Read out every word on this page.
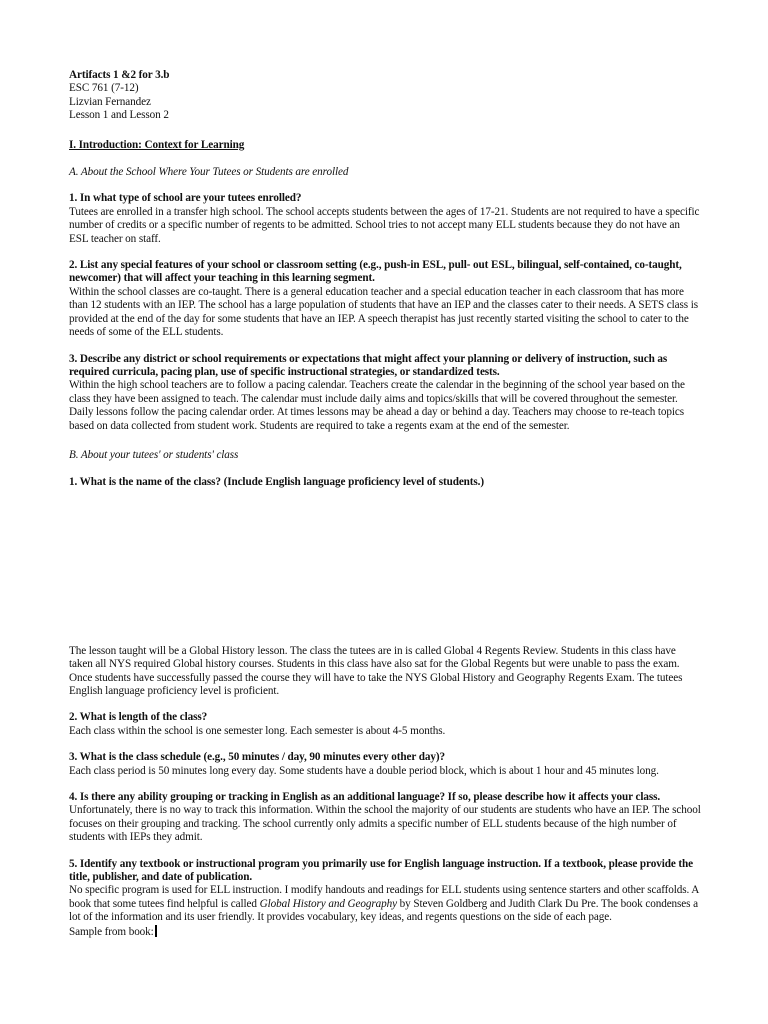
Artifacts 1 &2 for 3.b
ESC 761 (7-12)
Lizvian Fernandez
Lesson 1 and Lesson 2
I. Introduction: Context for Learning
A. About the School Where Your Tutees or Students are enrolled
1. In what type of school are your tutees enrolled?
Tutees are enrolled in a transfer high school. The school accepts students between the ages of 17-21. Students are not required to have a specific number of credits or a specific number of regents to be admitted. School tries to not accept many ELL students because they do not have an ESL teacher on staff.
2. List any special features of your school or classroom setting (e.g., push-in ESL, pull- out ESL, bilingual, self-contained, co-taught, newcomer) that will affect your teaching in this learning segment.
Within the school classes are co-taught. There is a general education teacher and a special education teacher in each classroom that has more than 12 students with an IEP. The school has a large population of students that have an IEP and the classes cater to their needs. A SETS class is provided at the end of the day for some students that have an IEP. A speech therapist has just recently started visiting the school to cater to the needs of some of the ELL students.
3. Describe any district or school requirements or expectations that might affect your planning or delivery of instruction, such as required curricula, pacing plan, use of specific instructional strategies, or standardized tests.
Within the high school teachers are to follow a pacing calendar. Teachers create the calendar in the beginning of the school year based on the class they have been assigned to teach. The calendar must include daily aims and topics/skills that will be covered throughout the semester. Daily lessons follow the pacing calendar order. At times lessons may be ahead a day or behind a day. Teachers may choose to re-teach topics based on data collected from student work. Students are required to take a regents exam at the end of the semester.
B. About your tutees' or students' class
1. What is the name of the class? (Include English language proficiency level of students.)
The lesson taught will be a Global History lesson. The class the tutees are in is called Global 4 Regents Review. Students in this class have taken all NYS required Global history courses. Students in this class have also sat for the Global Regents but were unable to pass the exam. Once students have successfully passed the course they will have to take the NYS Global History and Geography Regents Exam. The tutees English language proficiency level is proficient.
2. What is length of the class?
Each class within the school is one semester long. Each semester is about 4-5 months.
3. What is the class schedule (e.g., 50 minutes / day, 90 minutes every other day)?
Each class period is 50 minutes long every day. Some students have a double period block, which is about 1 hour and 45 minutes long.
4. Is there any ability grouping or tracking in English as an additional language? If so, please describe how it affects your class.
Unfortunately, there is no way to track this information. Within the school the majority of our students are students who have an IEP. The school focuses on their grouping and tracking. The school currently only admits a specific number of ELL students because of the high number of students with IEPs they admit.
5. Identify any textbook or instructional program you primarily use for English language instruction. If a textbook, please provide the title, publisher, and date of publication.
No specific program is used for ELL instruction. I modify handouts and readings for ELL students using sentence starters and other scaffolds. A book that some tutees find helpful is called Global History and Geography by Steven Goldberg and Judith Clark Du Pre. The book condenses a lot of the information and its user friendly. It provides vocabulary, key ideas, and regents questions on the side of each page.
Sample from book:
